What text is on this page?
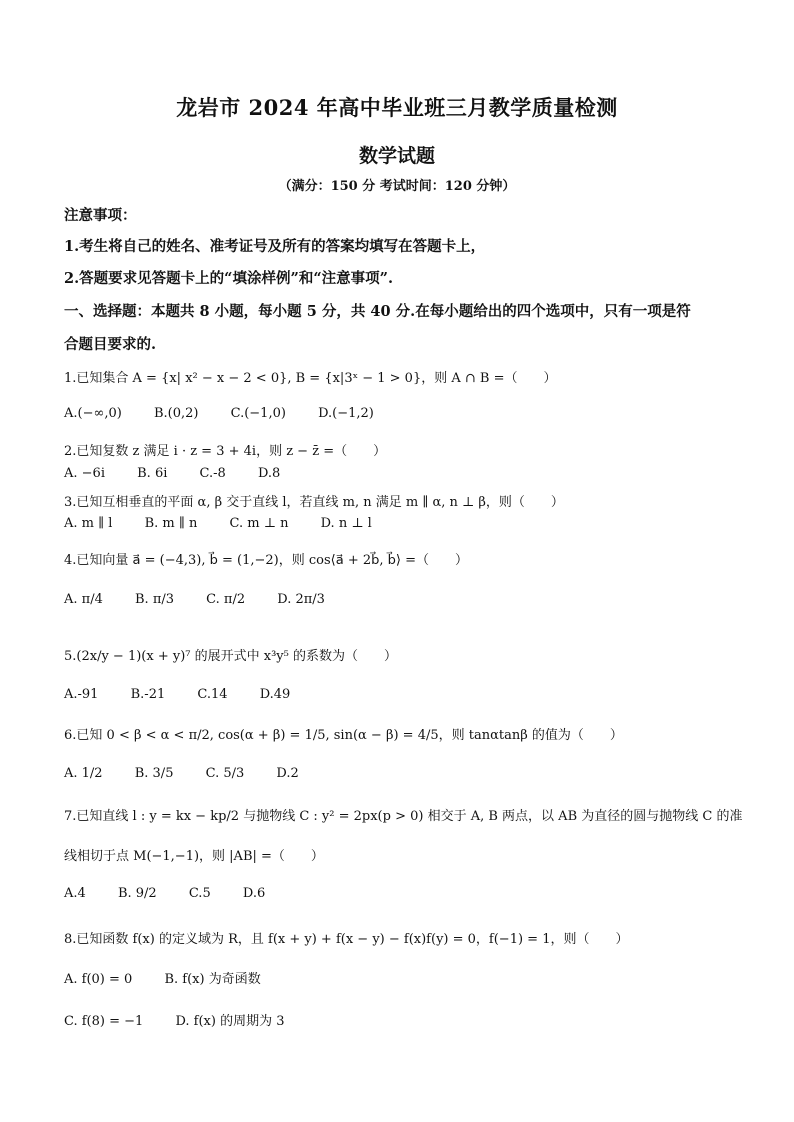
龙岩市 2024 年高中毕业班三月教学质量检测
数学试题
（满分：150 分 考试时间：120 分钟）
注意事项：
1.考生将自己的姓名、准考证号及所有的答案均填写在答题卡上，
2.答题要求见答题卡上的“填涂样例”和“注意事项”.
一、选择题：本题共 8 小题，每小题 5 分，共 40 分.在每小题给出的四个选项中，只有一项是符
合题目要求的.
1.已知集合 A = {x| x² − x − 2 < 0}, B = {x|3ˣ − 1 > 0}，则 A ∩ B =（　　）
A.(−∞,0) B.(0,2) C.(−1,0) D.(−1,2)
2.已知复数 z 满足 i · z = 3 + 4i，则 z − z̄ =（　　）
A. −6i B. 6i C.-8 D.8
3.已知互相垂直的平面 α, β 交于直线 l，若直线 m, n 满足 m ∥ α, n ⊥ β，则（　　）
A. m ∥ l B. m ∥ n C. m ⊥ n D. n ⊥ l
4.已知向量 a⃗ = (−4,3), b⃗ = (1,−2)，则 cos⟨a⃗ + 2b⃗, b⃗⟩ =（　　）
A. π/4 B. π/3 C. π/2 D. 2π/3
5.(2x/y − 1)(x + y)⁷ 的展开式中 x³y⁵ 的系数为（　　）
A.-91 B.-21 C.14 D.49
6.已知 0 < β < α < π/2, cos(α + β) = 1/5, sin(α − β) = 4/5，则 tanαtanβ 的值为（　　）
A. 1/2 B. 3/5 C. 5/3 D.2
7.已知直线 l : y = kx − kp/2 与抛物线 C : y² = 2px(p > 0) 相交于 A, B 两点，以 AB 为直径的圆与抛物线 C 的准
线相切于点 M(−1,−1)，则 |AB| =（　　）
A.4 B. 9/2 C.5 D.6
8.已知函数 f(x) 的定义域为 R，且 f(x + y) + f(x − y) − f(x)f(y) = 0，f(−1) = 1，则（　　）
A. f(0) = 0 B. f(x) 为奇函数
C. f(8) = −1 D. f(x) 的周期为 3
